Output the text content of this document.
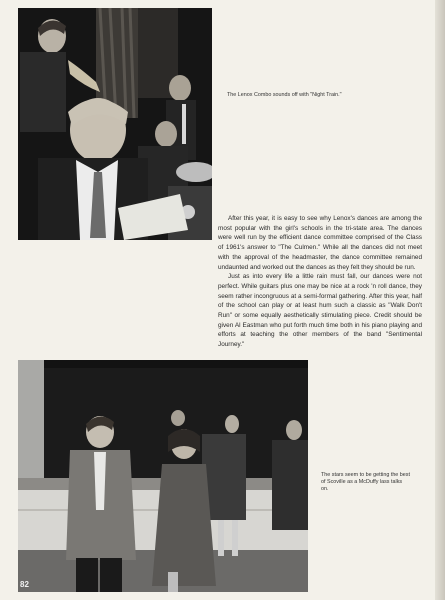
The Lenox Combo sounds off with "Night Train."

After this year, it is easy to see why Lenox's dances are among the most popular with the girl's schools in the tri-state area. The dances were well run by the efficient dance committee comprised of the Class of 1961's answer to "The Culmen." While all the dances did not meet with the approval of the headmaster, the dance committee remained undaunted and worked out the dances as they felt they should be run.

Just as into every life a little rain must fall, our dances were not perfect. While guitars plus one may be nice at a rock 'n roll dance, they seem rather incongruous at a semi-formal gathering. After this year, half of the school can play or at least hum such a classic as "Walk Don't Run" or some equally aesthetically stimulating piece. Credit should be given Al Eastman who put forth much time both in his piano playing and efforts at teaching the other members of the band "Sentimental Journey."

The stars seem to be getting the best of Scoville as a McDuffy lass talks on.
82
